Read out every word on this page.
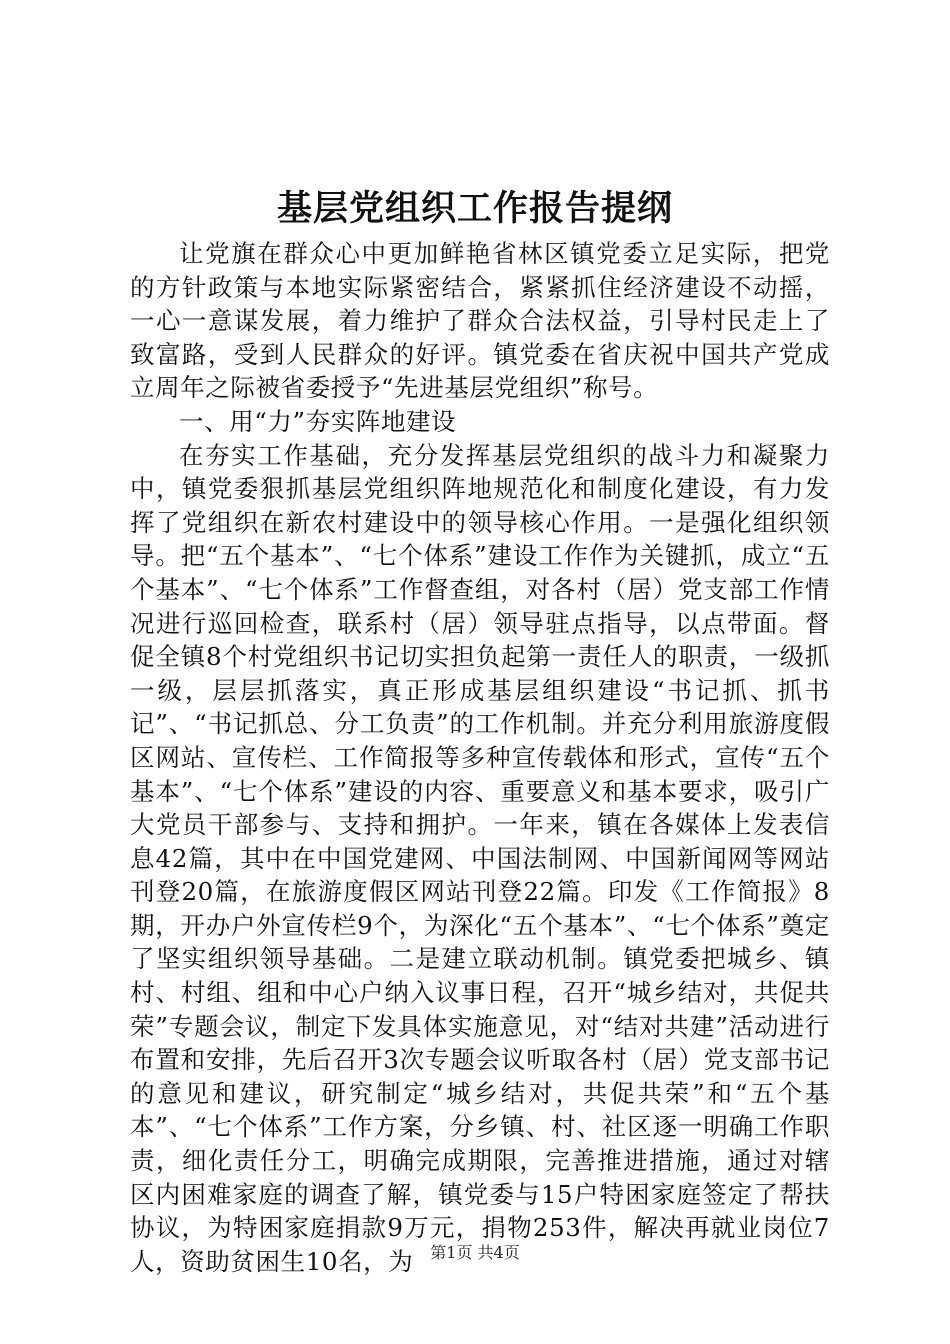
基层党组织工作报告提纲

让党旗在群众心中更加鲜艳省林区镇党委立足实际，把党的方针政策与本地实际紧密结合，紧紧抓住经济建设不动摇，一心一意谋发展，着力维护了群众合法权益，引导村民走上了致富路，受到人民群众的好评。镇党委在省庆祝中国共产党成立周年之际被省委授予“先进基层党组织”称号。

一、用“力”夯实阵地建设

在夯实工作基础，充分发挥基层党组织的战斗力和凝聚力中，镇党委狠抓基层党组织阵地规范化和制度化建设，有力发挥了党组织在新农村建设中的领导核心作用。一是强化组织领导。把“五个基本”、“七个体系”建设工作作为关键抓，成立“五个基本”、“七个体系”工作督查组，对各村（居）党支部工作情况进行巡回检查，联系村（居）领导驻点指导，以点带面。督促全镇8个村党组织书记切实担负起第一责任人的职责，一级抓一级，层层抓落实，真正形成基层组织建设“书记抓、抓书记”、“书记抓总、分工负责”的工作机制。并充分利用旅游度假区网站、宣传栏、工作简报等多种宣传载体和形式，宣传“五个基本”、“七个体系”建设的内容、重要意义和基本要求，吸引广大党员干部参与、支持和拥护。一年来，镇在各媒体上发表信息42篇，其中在中国党建网、中国法制网、中国新闻网等网站刊登20篇，在旅游度假区网站刊登22篇。印发《工作简报》8期，开办户外宣传栏9个，为深化“五个基本”、“七个体系”奠定了坚实组织领导基础。二是建立联动机制。镇党委把城乡、镇村、村组、组和中心户纳入议事日程，召开“城乡结对，共促共荣”专题会议，制定下发具体实施意见，对“结对共建”活动进行布置和安排，先后召开3次专题会议听取各村（居）党支部书记的意见和建议，研究制定“城乡结对，共促共荣”和“五个基本”、“七个体系”工作方案，分乡镇、村、社区逐一明确工作职责，细化责任分工，明确完成期限，完善推进措施，通过对辖区内困难家庭的调查了解，镇党委与15户特困家庭签定了帮扶协议，为特困家庭捐款9万元，捐物253件，解决再就业岗位7人，资助贫困生10名，为	第1页 共4页
